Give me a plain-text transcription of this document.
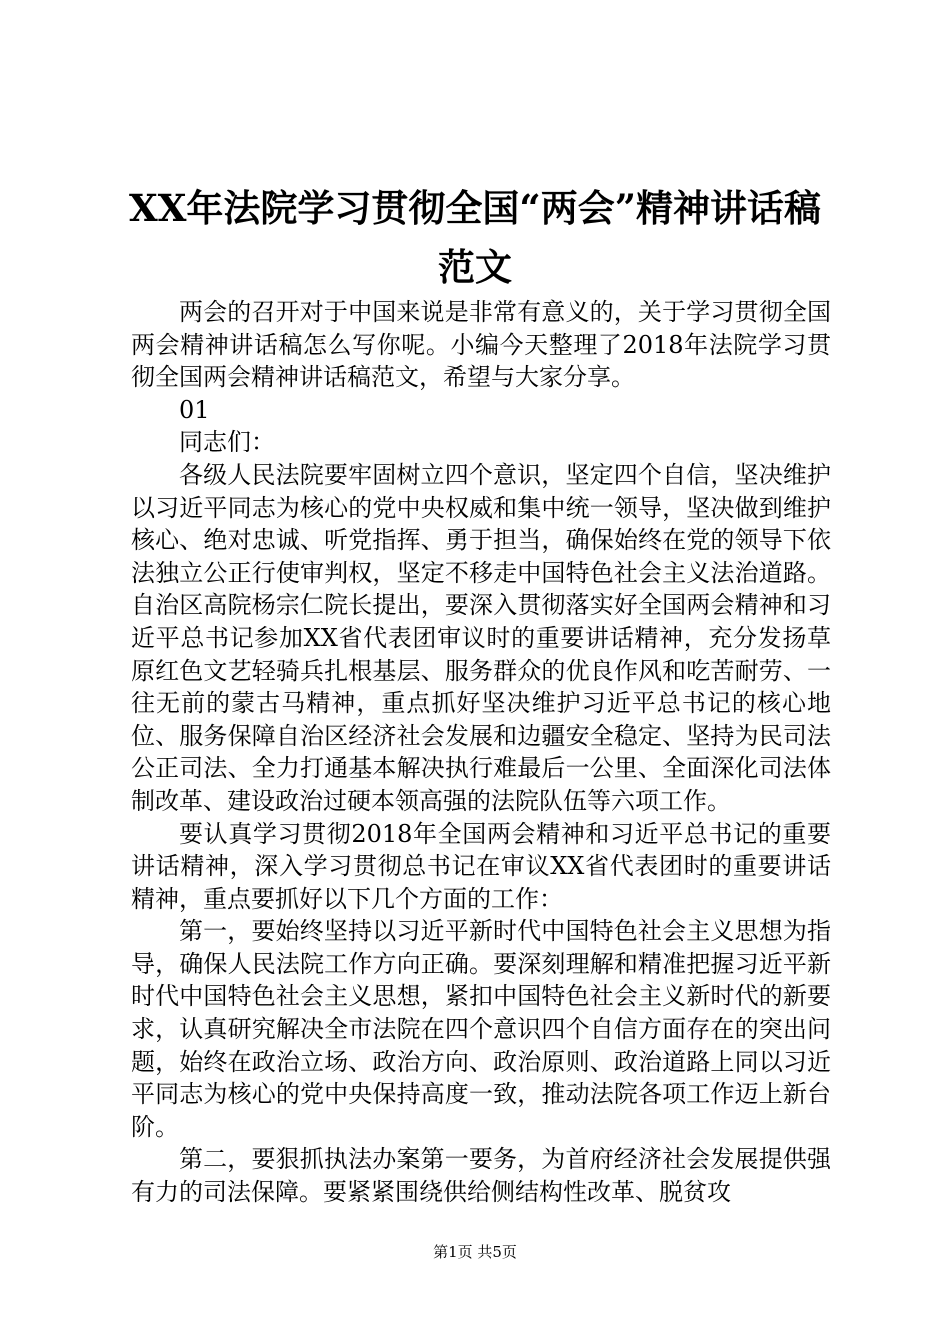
XX年法院学习贯彻全国“两会”精神讲话稿
范文

两会的召开对于中国来说是非常有意义的，关于学习贯彻全国两会精神讲话稿怎么写你呢。小编今天整理了2018年法院学习贯彻全国两会精神讲话稿范文，希望与大家分享。

01

同志们：

各级人民法院要牢固树立四个意识，坚定四个自信，坚决维护以习近平同志为核心的党中央权威和集中统一领导，坚决做到维护核心、绝对忠诚、听党指挥、勇于担当，确保始终在党的领导下依法独立公正行使审判权，坚定不移走中国特色社会主义法治道路。自治区高院杨宗仁院长提出，要深入贯彻落实好全国两会精神和习近平总书记参加XX省代表团审议时的重要讲话精神，充分发扬草原红色文艺轻骑兵扎根基层、服务群众的优良作风和吃苦耐劳、一往无前的蒙古马精神，重点抓好坚决维护习近平总书记的核心地位、服务保障自治区经济社会发展和边疆安全稳定、坚持为民司法公正司法、全力打通基本解决执行难最后一公里、全面深化司法体制改革、建设政治过硬本领高强的法院队伍等六项工作。

要认真学习贯彻2018年全国两会精神和习近平总书记的重要讲话精神，深入学习贯彻总书记在审议XX省代表团时的重要讲话精神，重点要抓好以下几个方面的工作：

第一，要始终坚持以习近平新时代中国特色社会主义思想为指导，确保人民法院工作方向正确。要深刻理解和精准把握习近平新时代中国特色社会主义思想，紧扣中国特色社会主义新时代的新要求，认真研究解决全市法院在四个意识四个自信方面存在的突出问题，始终在政治立场、政治方向、政治原则、政治道路上同以习近平同志为核心的党中央保持高度一致，推动法院各项工作迈上新台阶。

第二，要狠抓执法办案第一要务，为首府经济社会发展提供强有力的司法保障。要紧紧围绕供给侧结构性改革、脱贫攻

第1页 共5页
